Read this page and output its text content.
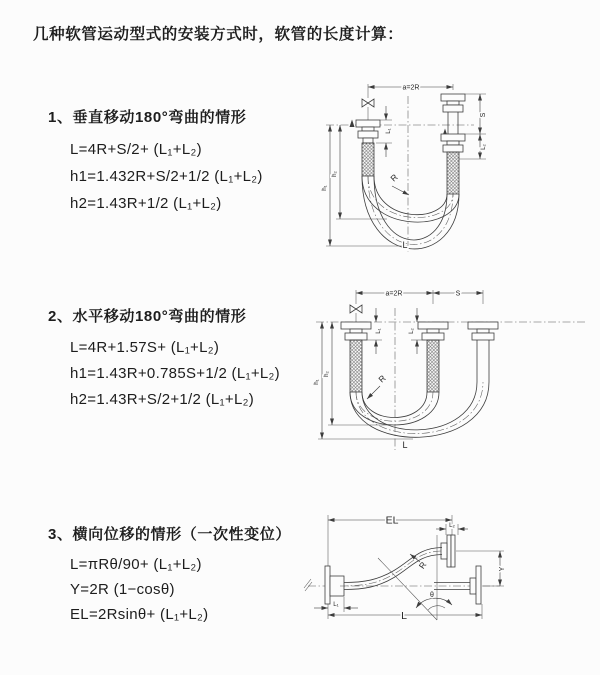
几种软管运动型式的安装方式时，软管的长度计算：
1、垂直移动180°弯曲的情形
L=4R+S/2+ (L₁+L₂)
h1=1.432R+S/2+1/2 (L₁+L₂)
h2=1.43R+1/2 (L₁+L₂)
2、水平移动180°弯曲的情形
L=4R+1.57S+ (L₁+L₂)
h1=1.43R+0.785S+1/2 (L₁+L₂)
h2=1.43R+S/2+1/2 (L₁+L₂)
3、横向位移的情形（一次性变位）
L=πRθ/90+ (L₁+L₂)
Y=2R (1−cosθ)
EL=2Rsinθ+ (L₁+L₂)
a=2R
L₁
S
L₂
h₁
h₂	R
L
a=2R	S
L₁	L₂
h₁
h₂	R
L
EL	L₂
θ
R	Y
L₁
L
